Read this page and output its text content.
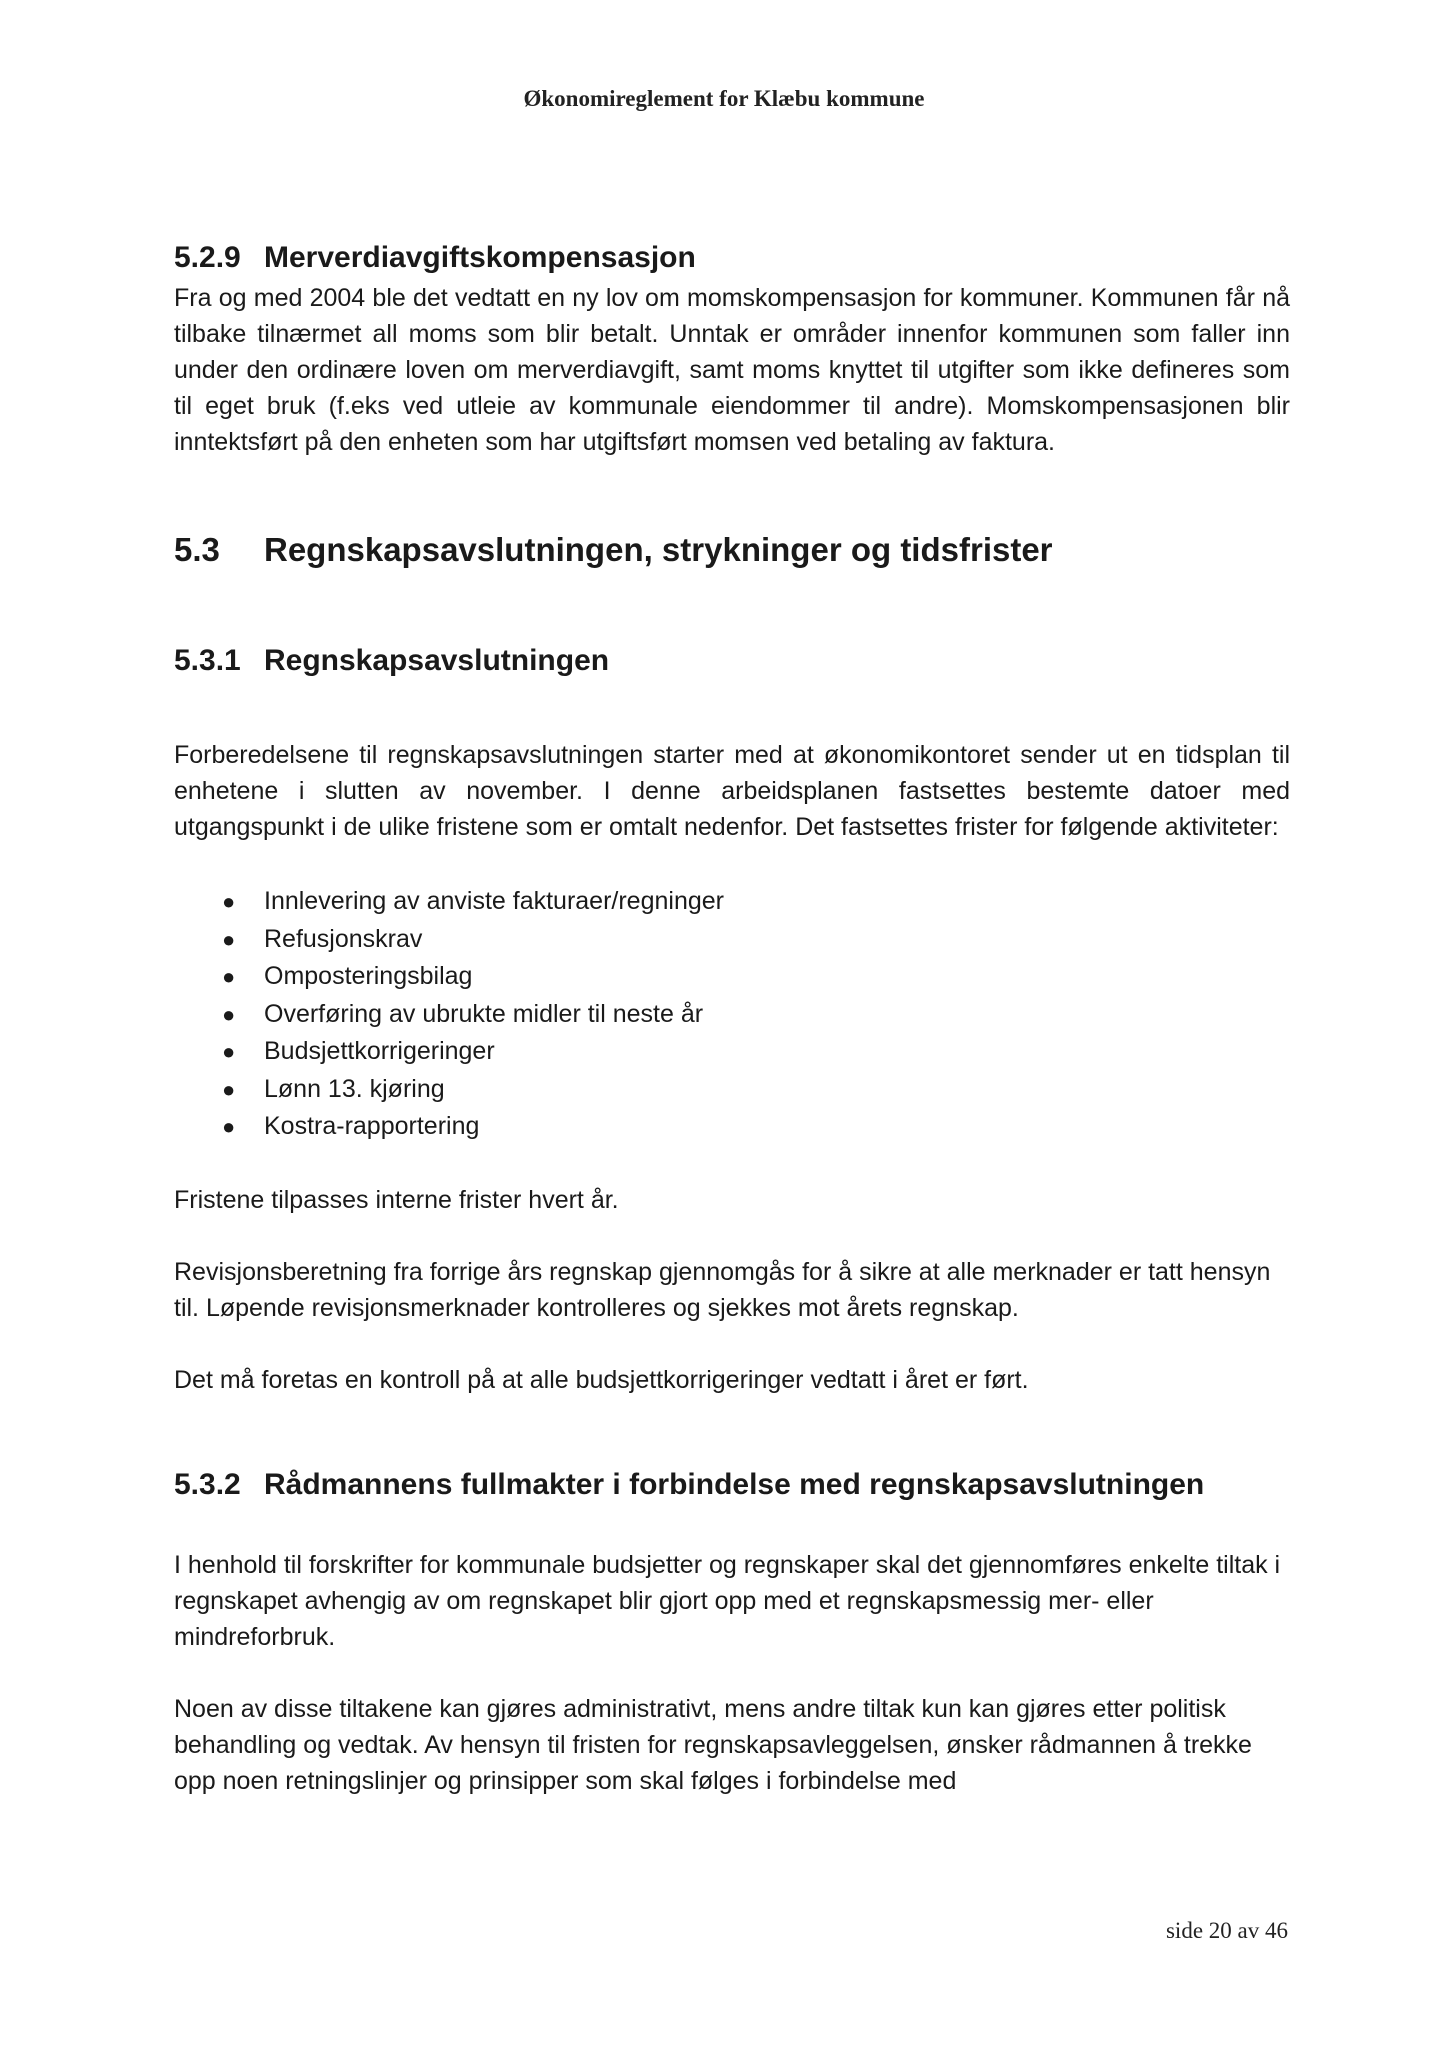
Økonomireglement for Klæbu kommune
5.2.9 Merverdiavgiftskompensasjon

Fra og med 2004 ble det vedtatt en ny lov om momskompensasjon for kommuner. Kommunen får nå tilbake tilnærmet all moms som blir betalt. Unntak er områder innenfor kommunen som faller inn under den ordinære loven om merverdiavgift, samt moms knyttet til utgifter som ikke defineres som til eget bruk (f.eks ved utleie av kommunale eiendommer til andre). Momskompensasjonen blir inntektsført på den enheten som har utgiftsført momsen ved betaling av faktura.

5.3 Regnskapsavslutningen, strykninger og tidsfrister
5.3.1 Regnskapsavslutningen

Forberedelsene til regnskapsavslutningen starter med at økonomikontoret sender ut en tidsplan til enhetene i slutten av november. I denne arbeidsplanen fastsettes bestemte datoer med utgangspunkt i de ulike fristene som er omtalt nedenfor. Det fastsettes frister for følgende aktiviteter:

● Innlevering av anviste fakturaer/regninger
● Refusjonskrav
● Omposteringsbilag
● Overføring av ubrukte midler til neste år
● Budsjettkorrigeringer
● Lønn 13. kjøring
● Kostra-rapportering

Fristene tilpasses interne frister hvert år.

Revisjonsberetning fra forrige års regnskap gjennomgås for å sikre at alle merknader er tatt hensyn til. Løpende revisjonsmerknader kontrolleres og sjekkes mot årets regnskap.

Det må foretas en kontroll på at alle budsjettkorrigeringer vedtatt i året er ført.

5.3.2 Rådmannens fullmakter i forbindelse med regnskapsavslutningen

I henhold til forskrifter for kommunale budsjetter og regnskaper skal det gjennomføres enkelte tiltak i regnskapet avhengig av om regnskapet blir gjort opp med et regnskapsmessig mer- eller mindreforbruk.

Noen av disse tiltakene kan gjøres administrativt, mens andre tiltak kun kan gjøres etter politisk behandling og vedtak. Av hensyn til fristen for regnskapsavleggelsen, ønsker rådmannen å trekke opp noen retningslinjer og prinsipper som skal følges i forbindelse med

side 20 av 46
